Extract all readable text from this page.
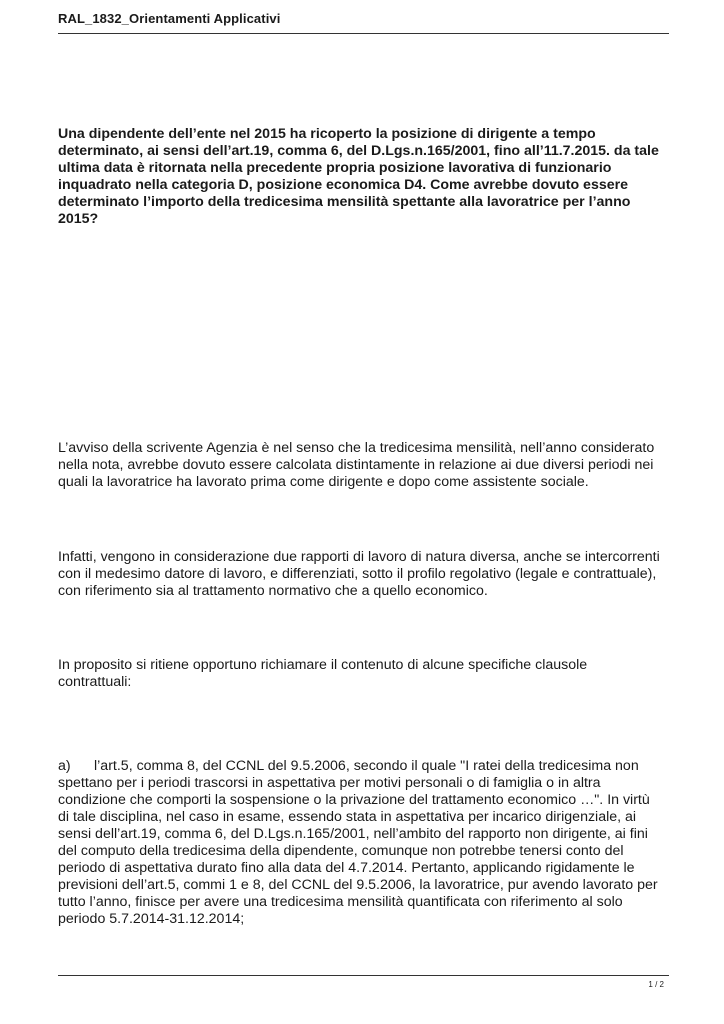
RAL_1832_Orientamenti Applicativi
Una dipendente dell’ente nel 2015 ha ricoperto la posizione di dirigente a tempo
determinato, ai sensi dell’art.19, comma 6, del D.Lgs.n.165/2001, fino all’11.7.2015. da tale
ultima data è ritornata nella precedente propria posizione lavorativa di funzionario
inquadrato nella categoria D, posizione economica D4. Come avrebbe dovuto essere
determinato l’importo della tredicesima mensilità spettante alla lavoratrice per l’anno
2015?
L’avviso della scrivente Agenzia è nel senso che la tredicesima mensilità, nell’anno considerato
nella nota, avrebbe dovuto essere calcolata distintamente in relazione ai due diversi periodi nei
quali la lavoratrice ha lavorato prima come dirigente e dopo come assistente sociale.
Infatti, vengono in considerazione due rapporti di lavoro di natura diversa, anche se intercorrenti
con il medesimo datore di lavoro, e differenziati, sotto il profilo regolativo (legale e contrattuale),
con riferimento sia al trattamento normativo che a quello economico.
In proposito si ritiene opportuno richiamare il contenuto di alcune specifiche clausole
contrattuali:
a) l’art.5, comma 8, del CCNL del 9.5.2006, secondo il quale "I ratei della tredicesima non
spettano per i periodi trascorsi in aspettativa per motivi personali o di famiglia o in altra
condizione che comporti la sospensione o la privazione del trattamento economico …". In virtù
di tale disciplina, nel caso in esame, essendo stata in aspettativa per incarico dirigenziale, ai
sensi dell’art.19, comma 6, del D.Lgs.n.165/2001, nell’ambito del rapporto non dirigente, ai fini
del computo della tredicesima della dipendente, comunque non potrebbe tenersi conto del
periodo di aspettativa durato fino alla data del 4.7.2014. Pertanto, applicando rigidamente le
previsioni dell’art.5, commi 1 e 8, del CCNL del 9.5.2006, la lavoratrice, pur avendo lavorato per
tutto l’anno, finisce per avere una tredicesima mensilità quantificata con riferimento al solo
periodo 5.7.2014-31.12.2014;
1 / 2
